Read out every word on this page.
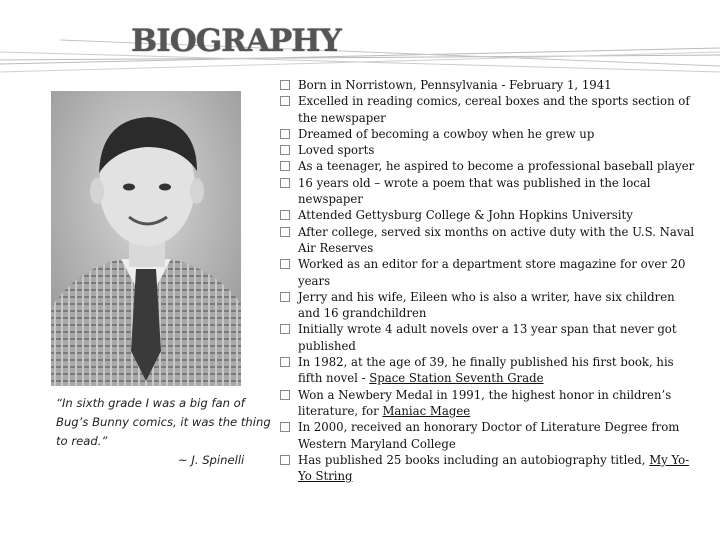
BIOGRAPHY
“In sixth grade I was a big fan of
Bug’s Bunny comics, it was the thing
to read.”
~ J. Spinelli
Born in Norristown, Pennsylvania - February 1, 1941
Excelled in reading comics, cereal boxes and the sports section of the newspaper
Dreamed of becoming a cowboy when he grew up
Loved sports
As a teenager, he aspired to become a professional baseball player
16 years old – wrote a poem that was published in the local newspaper
Attended Gettysburg College & John Hopkins University
After college, served six months on active duty with the U.S. Naval Air Reserves
Worked as an editor for a department store magazine for over 20 years
Jerry and his wife, Eileen who is also a writer, have six children and 16 grandchildren
Initially wrote 4 adult novels over a 13 year span that never got published
In 1982, at the age of 39, he finally published his first book, his fifth novel - Space Station Seventh Grade
Won a Newbery Medal in 1991, the highest honor in children’s literature, for Maniac Magee
In 2000, received an honorary Doctor of Literature Degree from Western Maryland College
Has published 25 books including an autobiography titled, My Yo-Yo String
